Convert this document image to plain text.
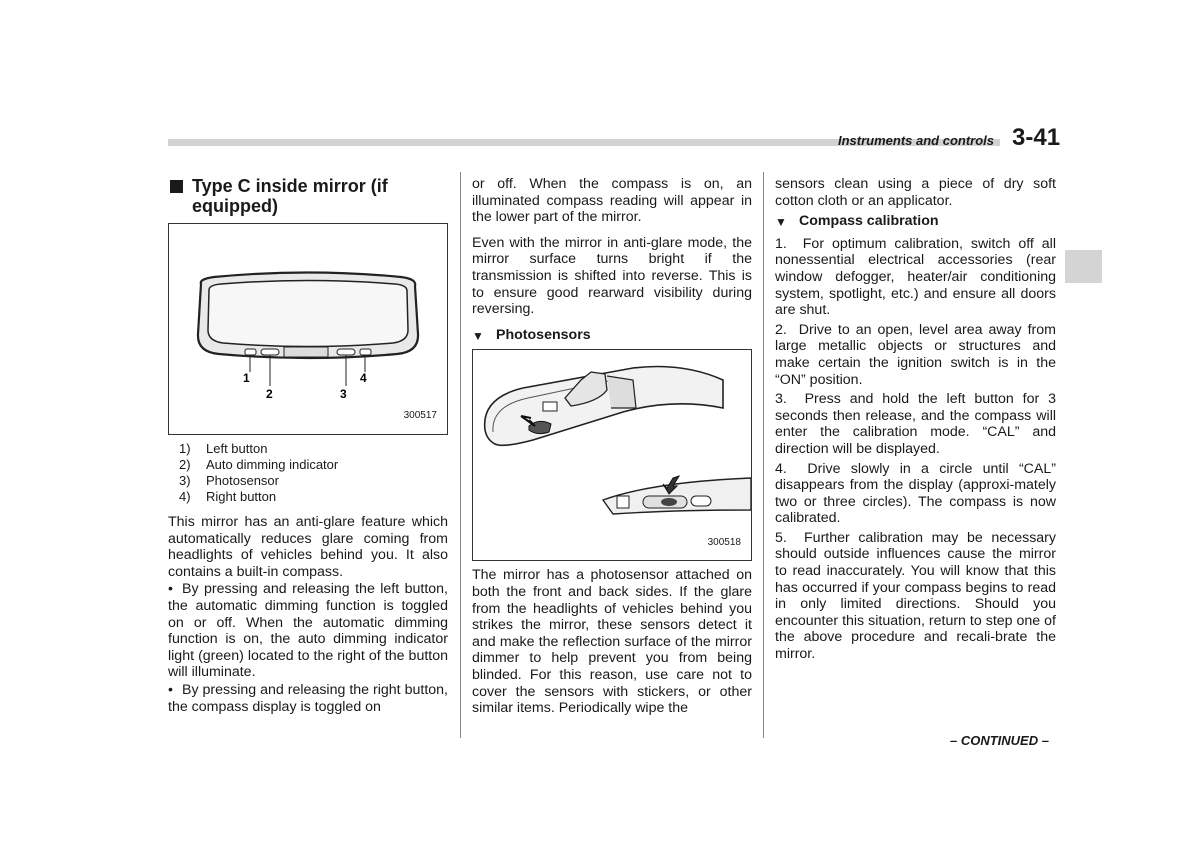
Instruments and controls 3-41
Type C inside mirror (if equipped)
1
2	3
4
300517
1)	Left button
2)	Auto dimming indicator
3)	Photosensor
4)	Right button

This mirror has an anti-glare feature which automatically reduces glare coming from headlights of vehicles behind you. It also contains a built-in compass.

• By pressing and releasing the left button, the automatic dimming function is toggled on or off. When the automatic dimming function is on, the auto dimming indicator light (green) located to the right of the button will illuminate.

• By pressing and releasing the right button, the compass display is toggled on

or off. When the compass is on, an illuminated compass reading will appear in the lower part of the mirror.

Even with the mirror in anti-glare mode, the mirror surface turns bright if the transmission is shifted into reverse. This is to ensure good rearward visibility during reversing.

▼ Photosensors
300518

The mirror has a photosensor attached on both the front and back sides. If the glare from the headlights of vehicles behind you strikes the mirror, these sensors detect it and make the reflection surface of the mirror dimmer to help prevent you from being blinded. For this reason, use care not to cover the sensors with stickers, or other similar items. Periodically wipe the

sensors clean using a piece of dry soft cotton cloth or an applicator.

▼ Compass calibration

1.  For optimum calibration, switch off all nonessential electrical accessories (rear window defogger, heater/air conditioning system, spotlight, etc.) and ensure all doors are shut.

2.  Drive to an open, level area away from large metallic objects or structures and make certain the ignition switch is in the “ON” position.

3.  Press and hold the left button for 3 seconds then release, and the compass will enter the calibration mode. “CAL” and direction will be displayed.

4.  Drive slowly in a circle until “CAL” disappears from the display (approxi-mately two or three circles). The compass is now calibrated.

5.  Further calibration may be necessary should outside influences cause the mirror to read inaccurately. You will know that this has occurred if your compass begins to read in only limited directions. Should you encounter this situation, return to step one of the above procedure and recali-brate the mirror.

– CONTINUED –
